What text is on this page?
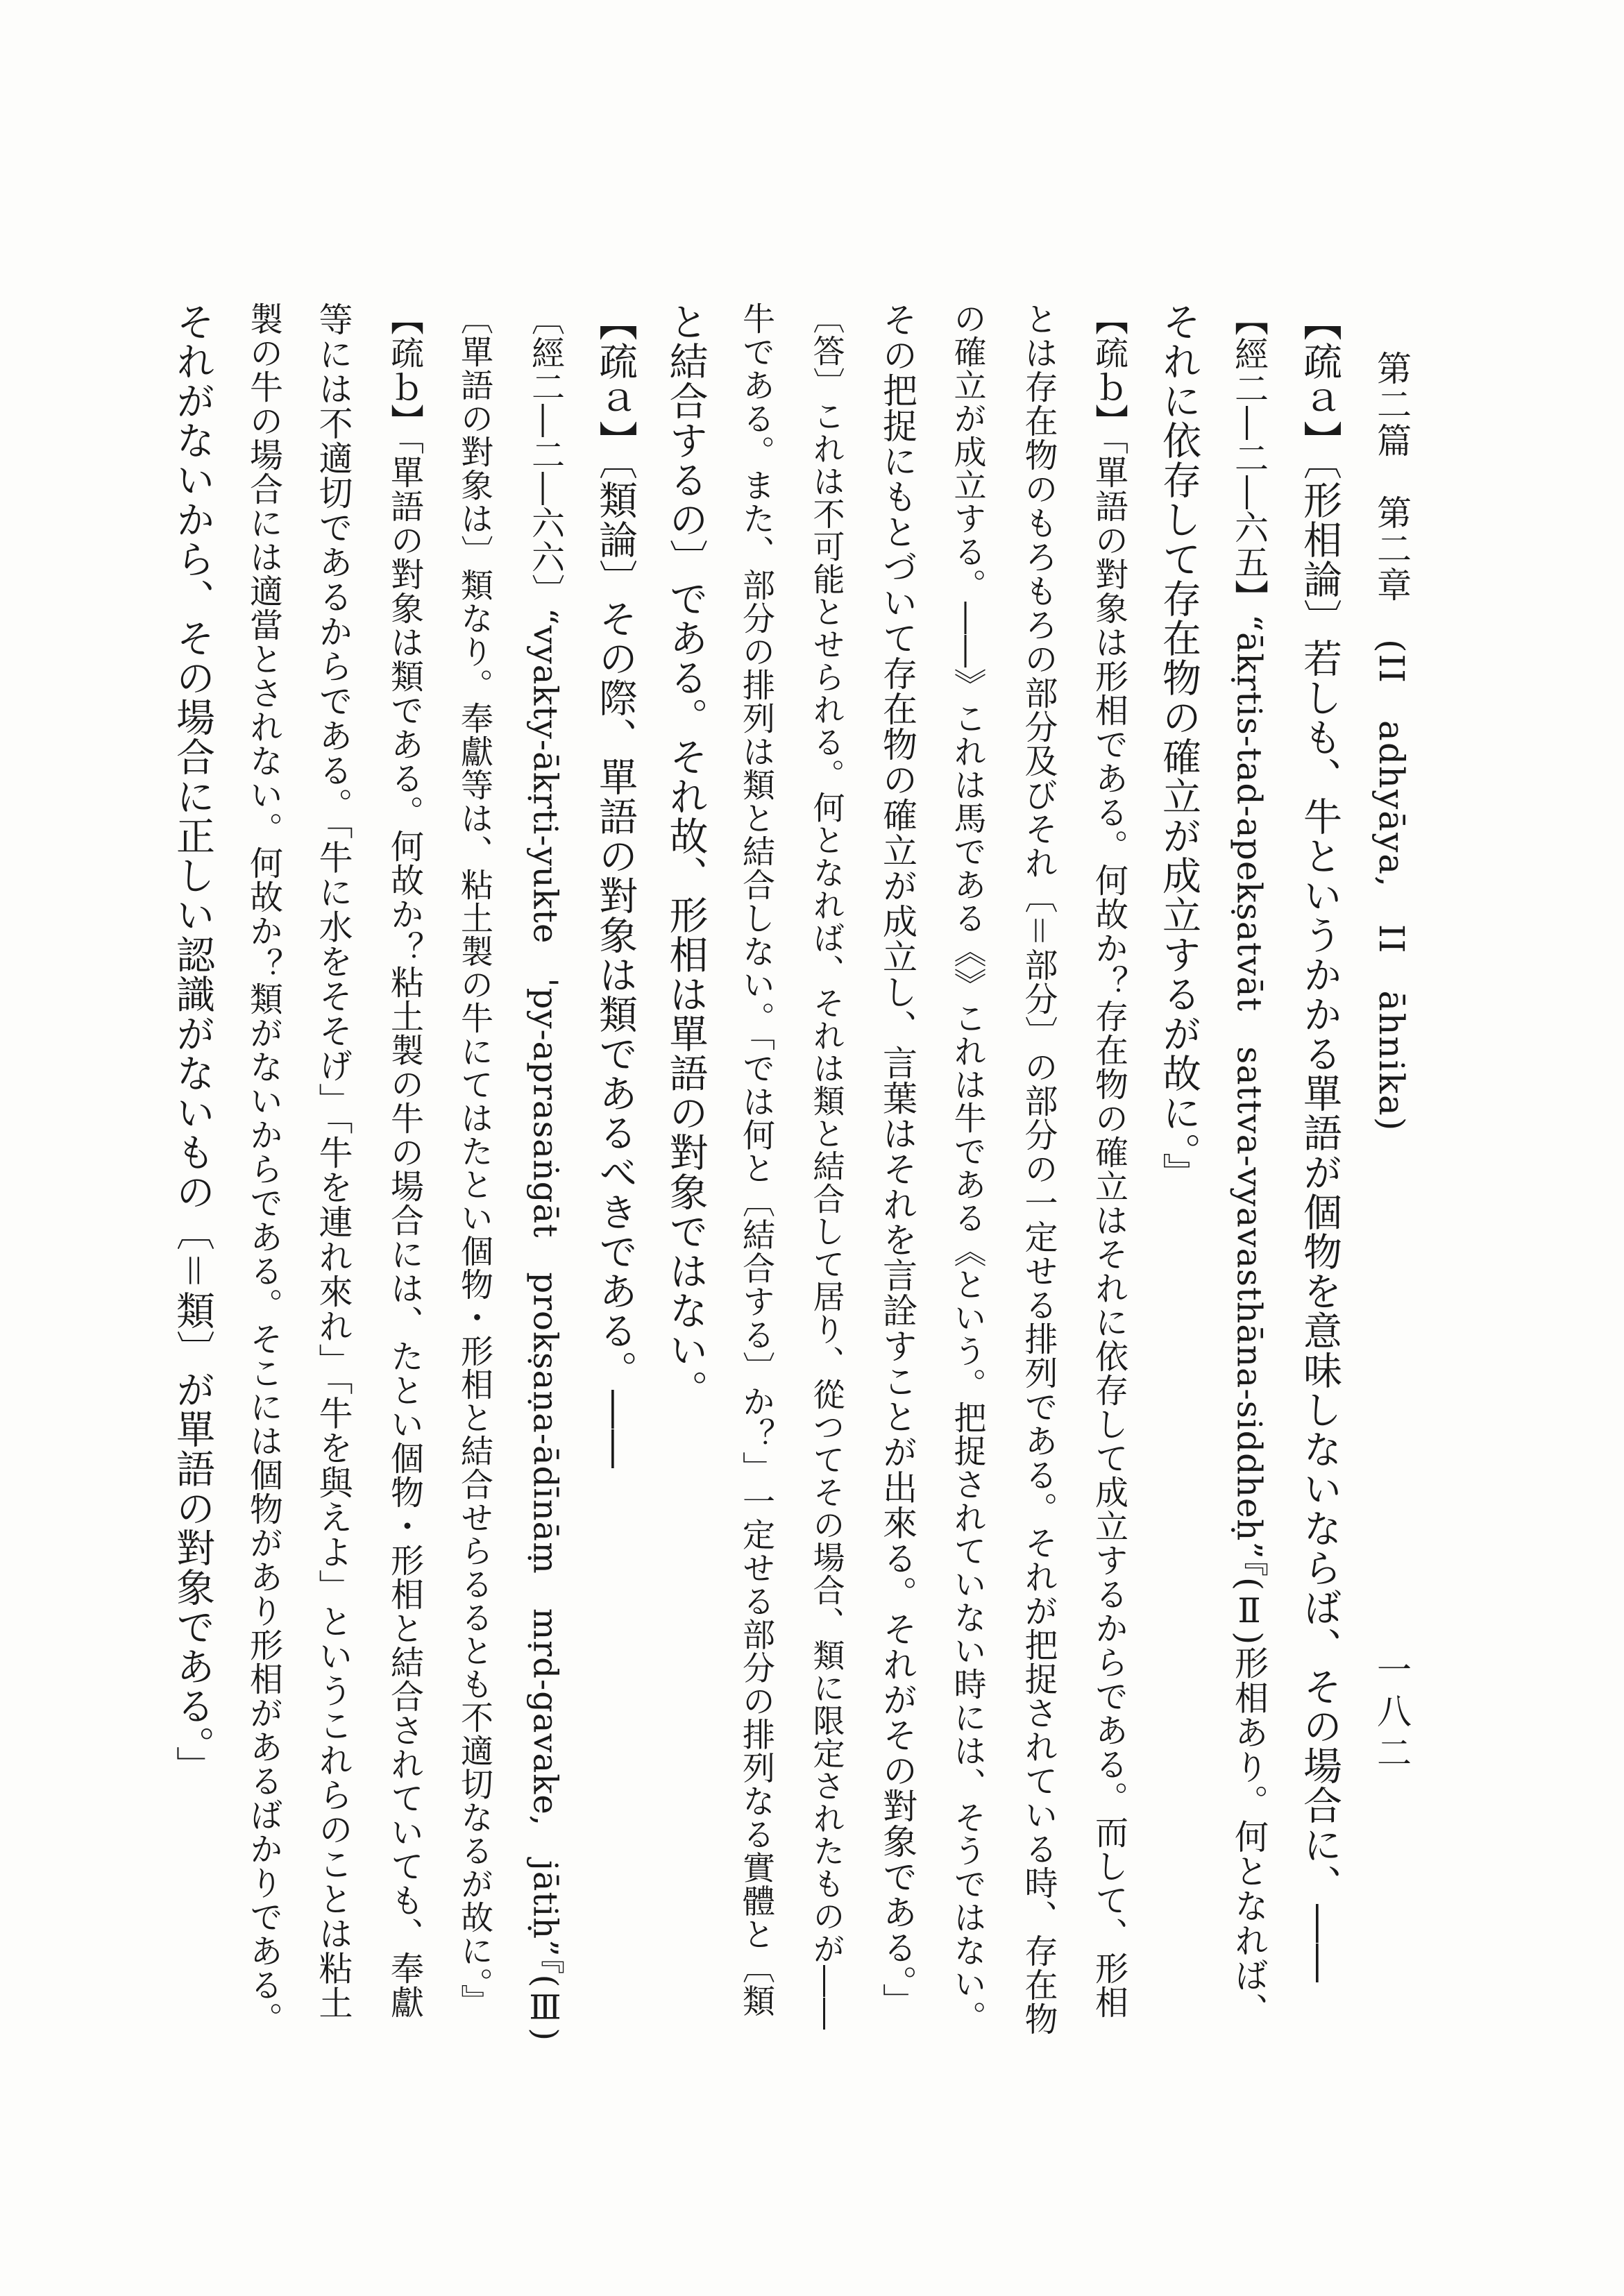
第二篇　第二章　(II　adhyāya,　II　āhnika)
一八二
【疏ａ】〔形相論〕若しも、牛というかかる單語が個物を意味しないならば、その場合に、――
【經二―二―六五】“ākṛtis-tad-apekṣatvāt　sattva-vyavasthāna-siddheḥ”『(Ⅱ)形相あり。何となれば、
それに依存して存在物の確立が成立するが故に。』
【疏ｂ】「單語の對象は形相である。何故か？存在物の確立はそれに依存して成立するからである。而して、形相
とは存在物のもろもろの部分及びそれ〔＝部分〕の部分の一定せる排列である。それが把捉されている時、存在物
の確立が成立する。――》これは馬である《》これは牛である《という。把捉されていない時には、そうではない。
その把捉にもとづいて存在物の確立が成立し、言葉はそれを言詮すことが出來る。それがその對象である。」
〔答〕これは不可能とせられる。何となれば、それは類と結合して居り、從つてその場合、類に限定されたものが――
牛である。また、部分の排列は類と結合しない。「では何と〔結合する〕か？」一定せる部分の排列なる實體と〔類
と結合するの〕である。それ故、形相は單語の對象ではない。
【疏ａ】〔類論〕その際、單語の對象は類であるべきである。――
〔經二―二―六六〕“vyakty-ākṛti-yukte　'py-aprasaṅgāt　prokṣaṇa-ādīnāṃ　mṛd-gavake,　jātiḥ”『(Ⅲ)
〔單語の對象は〕類なり。奉獻等は、粘土製の牛にてはたとい個物・形相と結合せらるるとも不適切なるが故に。』
【疏ｂ】「單語の對象は類である。何故か？粘土製の牛の場合には、たとい個物・形相と結合されていても、奉獻
等には不適切であるからである。「牛に水をそそげ」「牛を連れ來れ」「牛を與えよ」というこれらのことは粘土
製の牛の場合には適當とされない。何故か？類がないからである。そこには個物があり形相があるばかりである。
それがないから、その場合に正しい認識がないもの〔＝類〕が單語の對象である。」
